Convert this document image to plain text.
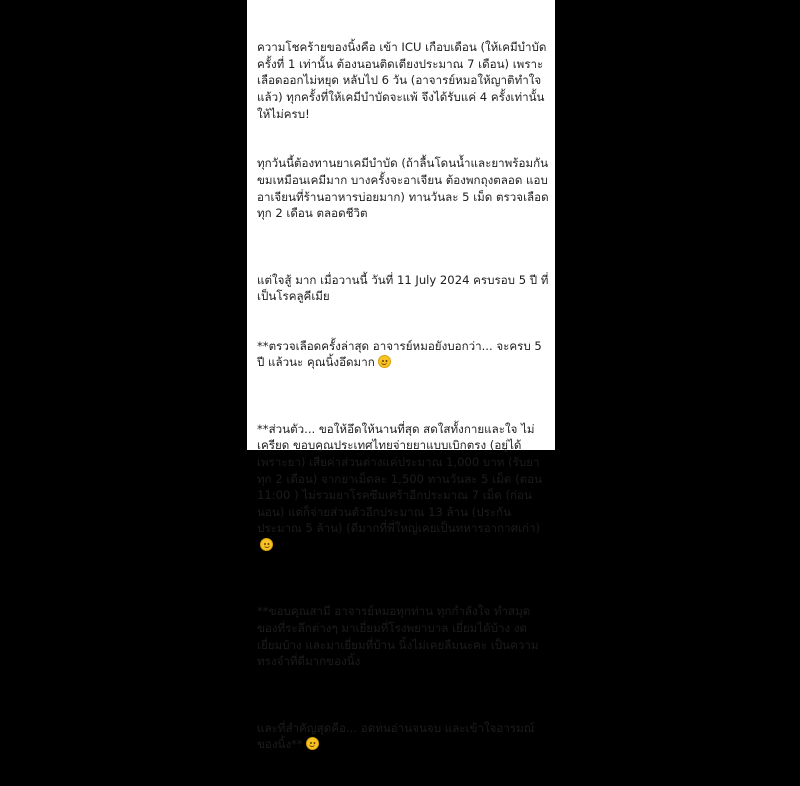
ความโชคร้ายของนิ้งคือ เข้า ICU เกือบเดือน (ให้เคมีบำบัดครั้งที่ 1 เท่านั้น ต้องนอนติดเตียงประมาณ 7 เดือน) เพราะเลือดออกไม่หยุด หลับไป 6 วัน (อาจารย์หมอให้ญาติทำใจแล้ว) ทุกครั้งที่ให้เคมีบำบัดจะแพ้ จึงได้รับแค่ 4 ครั้งเท่านั้น ให้ไม่ครบ!

ทุกวันนี้ต้องทานยาเคมีบำบัด (ถ้าลื้นโดนน้ำและยาพร้อมกัน ขมเหมือนเคมีมาก บางครั้งจะอาเจียน ต้องพกถุงตลอด แอบอาเจียนที่ร้านอาหารบ่อยมาก) ทานวันละ 5 เม็ด ตรวจเลือดทุก 2 เดือน ตลอดชีวิต

แต่ใจสู้ มาก เมื่อวานนี้ วันที่ 11 July 2024 ครบรอบ 5 ปี ที่เป็นโรคลูคีเมีย

**ตรวจเลือดครั้งล่าสุด อาจารย์หมอยังบอกว่า... จะครบ 5 ปี แล้วนะ คุณนิ้งอึดมาก

**ส่วนตัว... ขอให้อึดให้นานที่สุด สดใสทั้งกายและใจ ไม่เครียด ขอบคุณประเทศไทยจ่ายยาแบบเบิกตรง (อยู่ได้เพราะยา) เสียค่าส่วนต่างแค่ประมาณ 1,000 บาท (รับยาทุก 2 เดือน) จากยาเม็ดละ 1,500 ทานวันละ 5 เม็ด (ตอน 11:00 ) ไม่รวมยาโรคซึมเศร้าอีกประมาณ 7 เม็ด (ก่อนนอน) แต่ก็จ่ายส่วนตัวอีกประมาณ 13 ล้าน (ประกันประมาณ 5 ล้าน) (ดีมากที่พี่ใหญ่เคยเป็นทหารอากาศเก่า)

**ขอบคุณสามี อาจารย์หมอทุกท่าน ทุกกำลังใจ ทำสมุดของที่ระลึกต่างๆ มาเยี่ยมที่โรงพยาบาล เยี่ยมได้บ้าง งดเยี่ยมบ้าง และมาเยี่ยมที่บ้าน นิ้งไม่เคยลืมนะคะ เป็นความทรงจำที่ดีมากของนิ้ง

และที่สำคัญสุดคือ... อดทนอ่านจนจบ และเข้าใจอารมณ์ของนิ้ง**
